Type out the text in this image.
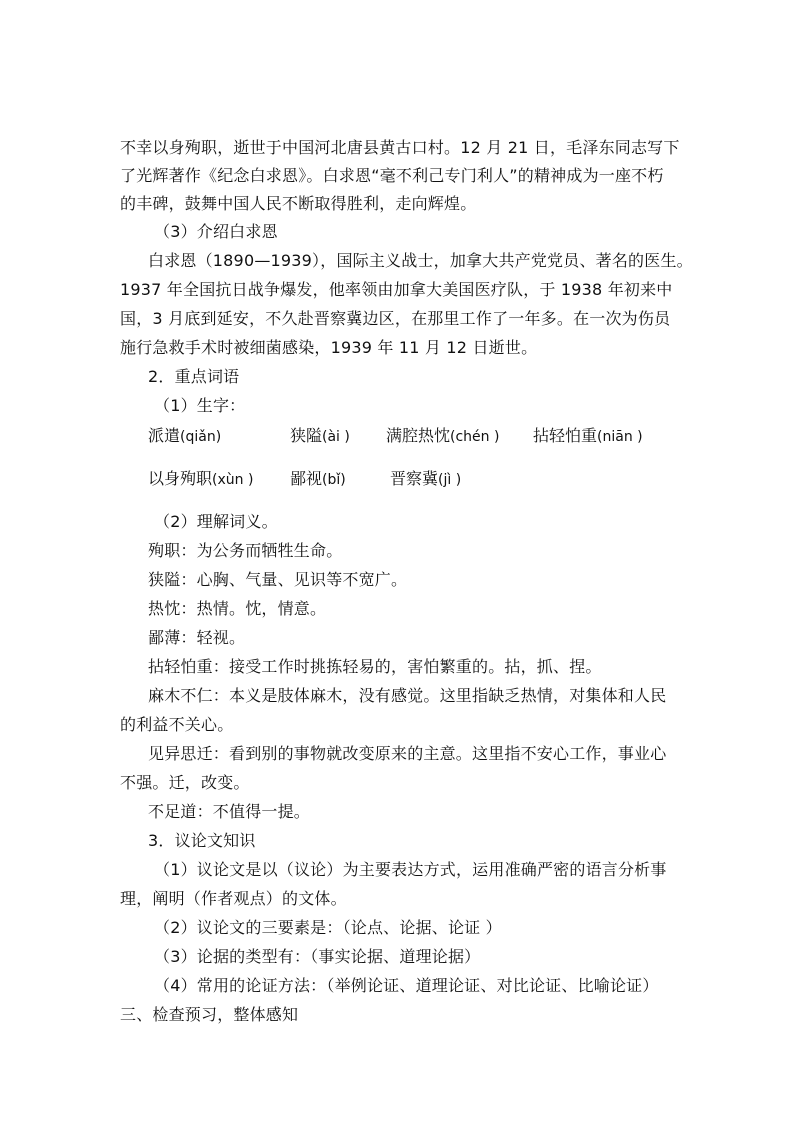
不幸以身殉职，逝世于中国河北唐县黄古口村。12 月 21 日，毛泽东同志写下
了光辉著作《纪念白求恩》。白求恩“毫不利己专门利人”的精神成为一座不朽
的丰碑，鼓舞中国人民不断取得胜利，走向辉煌。
（3）介绍白求恩
白求恩（1890—1939），国际主义战士，加拿大共产党党员、著名的医生。
1937 年全国抗日战争爆发，他率领由加拿大美国医疗队，于 1938 年初来中
国，3 月底到延安，不久赴晋察冀边区，在那里工作了一年多。在一次为伤员
施行急救手术时被细菌感染，1939 年 11 月 12 日逝世。
2．重点词语
（1）生字：
派遣(qiǎn)	狭隘(ài ) 满腔热忱(chén ) 拈轻怕重(niān )
以身殉职(xùn ) 鄙视(bǐ)	晋察冀(jì )
（2）理解词义。
殉职：为公务而牺牲生命。
狭隘：心胸、气量、见识等不宽广。
热忱：热情。忱，情意。
鄙薄：轻视。
拈轻怕重：接受工作时挑拣轻易的，害怕繁重的。拈，抓、捏。
麻木不仁：本义是肢体麻木，没有感觉。这里指缺乏热情，对集体和人民
的利益不关心。
见异思迁：看到别的事物就改变原来的主意。这里指不安心工作，事业心
不强。迁，改变。
不足道：不值得一提。
3．议论文知识
（1）议论文是以（议论）为主要表达方式，运用准确严密的语言分析事
理，阐明（作者观点）的文体。
（2）议论文的三要素是：（论点、论据、论证 ）
（3）论据的类型有：（事实论据、道理论据）
（4）常用的论证方法：（举例论证、道理论证、对比论证、比喻论证）
三、检查预习，整体感知
